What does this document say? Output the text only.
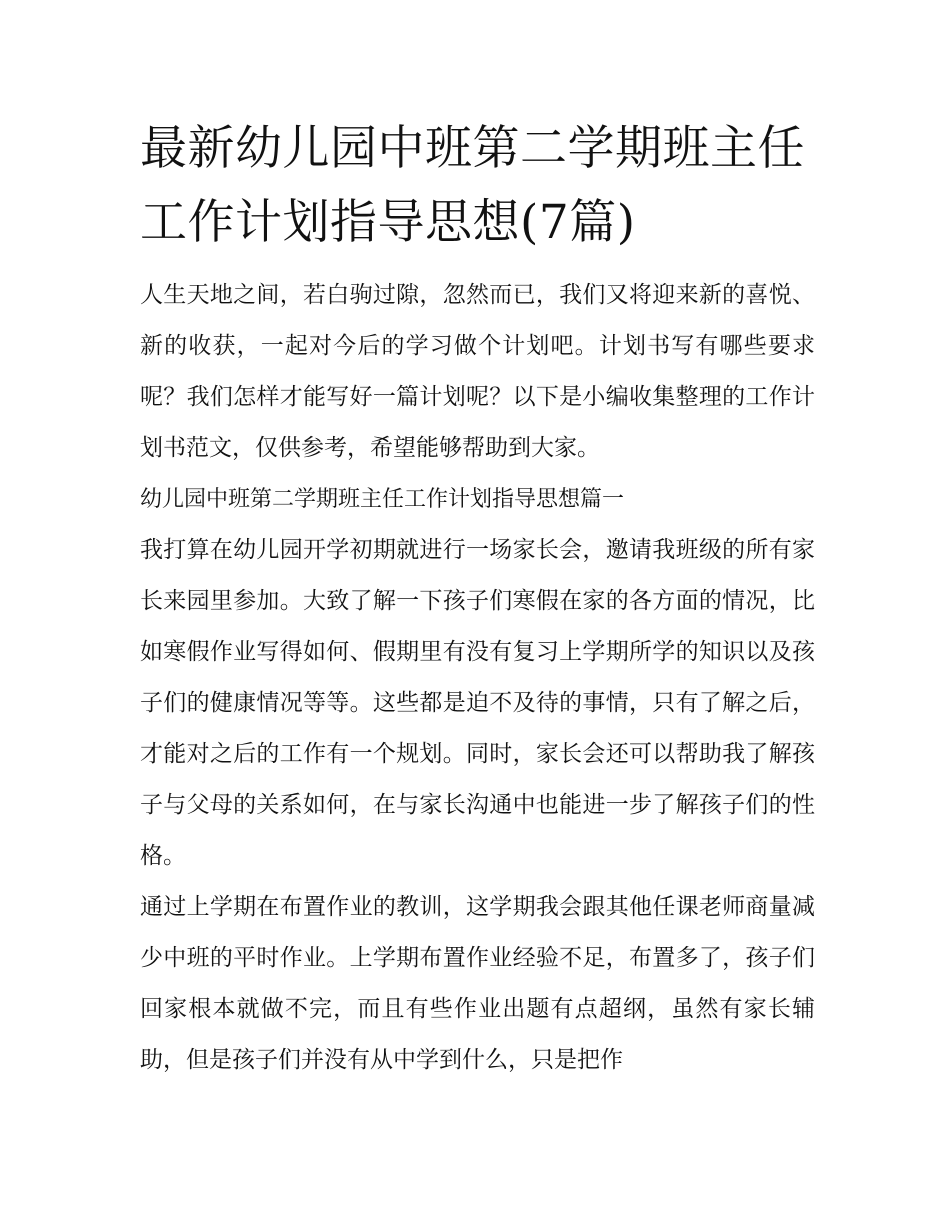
最新幼儿园中班第二学期班主任工作计划指导思想(7篇)

人生天地之间，若白驹过隙，忽然而已，我们又将迎来新的喜悦、新的收获，一起对今后的学习做个计划吧。计划书写有哪些要求呢？我们怎样才能写好一篇计划呢？以下是小编收集整理的工作计划书范文，仅供参考，希望能够帮助到大家。

幼儿园中班第二学期班主任工作计划指导思想篇一

我打算在幼儿园开学初期就进行一场家长会，邀请我班级的所有家长来园里参加。大致了解一下孩子们寒假在家的各方面的情况，比如寒假作业写得如何、假期里有没有复习上学期所学的知识以及孩子们的健康情况等等。这些都是迫不及待的事情，只有了解之后，才能对之后的工作有一个规划。同时，家长会还可以帮助我了解孩子与父母的关系如何，在与家长沟通中也能进一步了解孩子们的性格。

通过上学期在布置作业的教训，这学期我会跟其他任课老师商量减少中班的平时作业。上学期布置作业经验不足，布置多了，孩子们回家根本就做不完，而且有些作业出题有点超纲，虽然有家长辅助，但是孩子们并没有从中学到什么，只是把作
